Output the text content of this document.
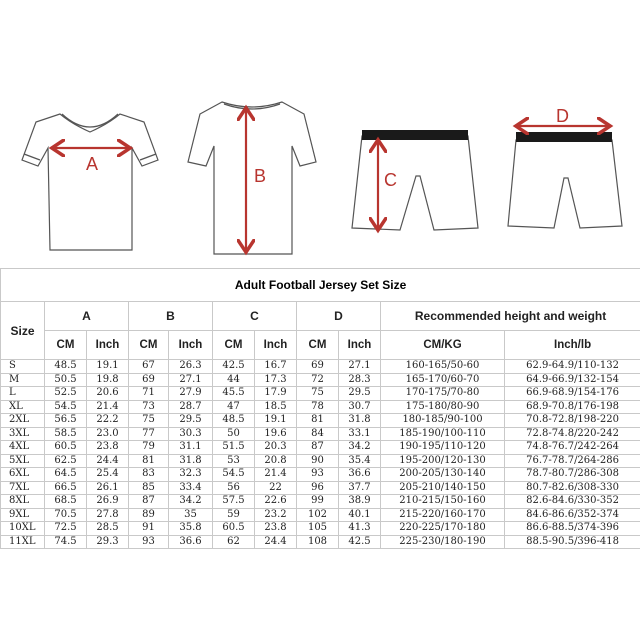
A
B	C
D
Adult Football Jersey Set Size										
Size	A		B		C		D		Recommended height and weight	
	CM	Inch	CM	Inch	CM	Inch	CM	Inch	CM/KG	Inch/lb
S	48.5	19.1	67	26.3	42.5	16.7	69	27.1	160-165/50-60	62.9-64.9/110-132
M	50.5	19.8	69	27.1	44	17.3	72	28.3	165-170/60-70	64.9-66.9/132-154
L	52.5	20.6	71	27.9	45.5	17.9	75	29.5	170-175/70-80	66.9-68.9/154-176
XL	54.5	21.4	73	28.7	47	18.5	78	30.7	175-180/80-90	68.9-70.8/176-198
2XL	56.5	22.2	75	29.5	48.5	19.1	81	31.8	180-185/90-100	70.8-72.8/198-220
3XL	58.5	23.0	77	30.3	50	19.6	84	33.1	185-190/100-110	72.8-74.8/220-242
4XL	60.5	23.8	79	31.1	51.5	20.3	87	34.2	190-195/110-120	74.8-76.7/242-264
5XL	62.5	24.4	81	31.8	53	20.8	90	35.4	195-200/120-130	76.7-78.7/264-286
6XL	64.5	25.4	83	32.3	54.5	21.4	93	36.6	200-205/130-140	78.7-80.7/286-308
7XL	66.5	26.1	85	33.4	56	22	96	37.7	205-210/140-150	80.7-82.6/308-330
8XL	68.5	26.9	87	34.2	57.5	22.6	99	38.9	210-215/150-160	82.6-84.6/330-352
9XL	70.5	27.8	89	35	59	23.2	102	40.1	215-220/160-170	84.6-86.6/352-374
10XL	72.5	28.5	91	35.8	60.5	23.8	105	41.3	220-225/170-180	86.6-88.5/374-396
11XL	74.5	29.3	93	36.6	62	24.4	108	42.5	225-230/180-190	88.5-90.5/396-418
